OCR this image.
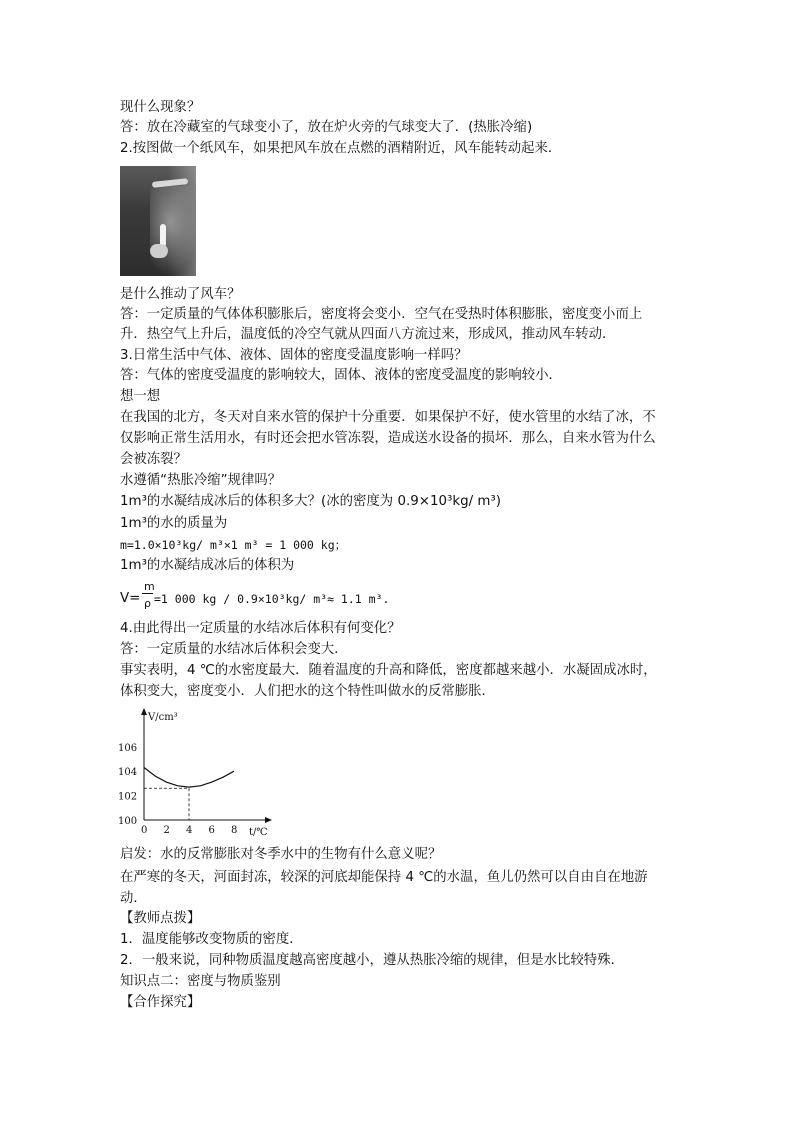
现什么现象？
答：放在冷藏室的气球变小了，放在炉火旁的气球变大了．(热胀冷缩)
2.按图做一个纸风车，如果把风车放在点燃的酒精附近，风车能转动起来．
是什么推动了风车？
答：一定质量的气体体积膨胀后，密度将会变小．空气在受热时体积膨胀，密度变小而上
升．热空气上升后，温度低的冷空气就从四面八方流过来，形成风，推动风车转动．
3.日常生活中气体、液体、固体的密度受温度影响一样吗？
答：气体的密度受温度的影响较大，固体、液体的密度受温度的影响较小．
想一想
在我国的北方，冬天对自来水管的保护十分重要．如果保护不好，使水管里的水结了冰，不
仅影响正常生活用水，有时还会把水管冻裂，造成送水设备的损坏．那么，自来水管为什么
会被冻裂？
水遵循“热胀冷缩”规律吗？
1m³的水凝结成冰后的体积多大？(冰的密度为 0.9×10³kg/ m³)
1m³的水的质量为
m=1.0×10³kg/ m³×1 m³ = 1 000 kg；
1m³的水凝结成冰后的体积为
V=
m
ρ =1 000 kg / 0.9×10³kg/ m³≈ 1.1 m³.
4.由此得出一定质量的水结冰后体积有何变化？
答：一定质量的水结冰后体积会变大．
事实表明，4 ℃的水密度最大．随着温度的升高和降低，密度都越来越小．水凝固成冰时，
体积变大，密度变小．人们把水的这个特性叫做水的反常膨胀．
V/cm³
t/℃
0 2 4 6 8
100
102
104
106
启发：水的反常膨胀对冬季水中的生物有什么意义呢？
在严寒的冬天，河面封冻，较深的河底却能保持 4 ℃的水温，鱼儿仍然可以自由自在地游
动．
【教师点拨】
1．温度能够改变物质的密度．
2．一般来说，同种物质温度越高密度越小，遵从热胀冷缩的规律，但是水比较特殊．
知识点二：密度与物质鉴别
【合作探究】
